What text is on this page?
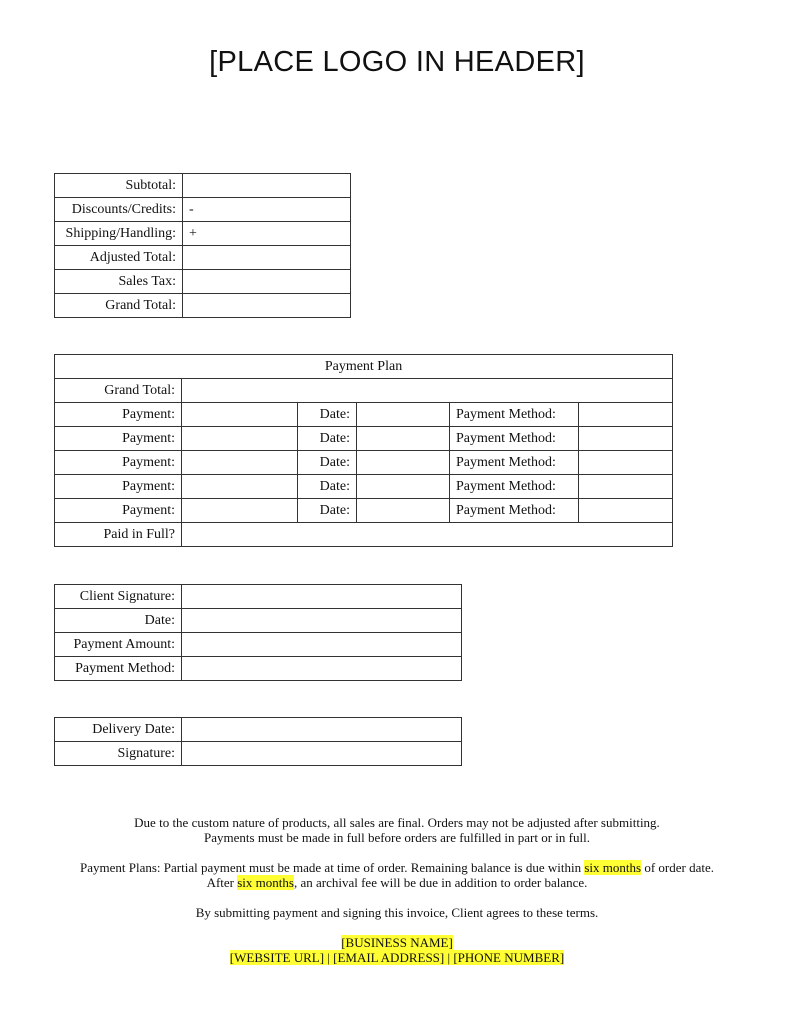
[PLACE LOGO IN HEADER]
Subtotal:	
Discounts/Credits:	-
Shipping/Handling:	+
Adjusted Total:	
Sales Tax:	
Grand Total:	
Payment Plan					
Grand Total:					
Payment:		Date:		Payment Method:	
Payment:		Date:		Payment Method:	
Payment:		Date:		Payment Method:	
Payment:		Date:		Payment Method:	
Payment:		Date:		Payment Method:	
Paid in Full?					
Client Signature:	
Date:	
Payment Amount:	
Payment Method:	
Delivery Date:	
Signature:	

Due to the custom nature of products, all sales are final. Orders may not be adjusted after submitting.
Payments must be made in full before orders are fulfilled in part or in full.

Payment Plans: Partial payment must be made at time of order. Remaining balance is due within six months of order date.
After six months, an archival fee will be due in addition to order balance.

By submitting payment and signing this invoice, Client agrees to these terms.

[BUSINESS NAME]
[WEBSITE URL] | [EMAIL ADDRESS] | [PHONE NUMBER]
